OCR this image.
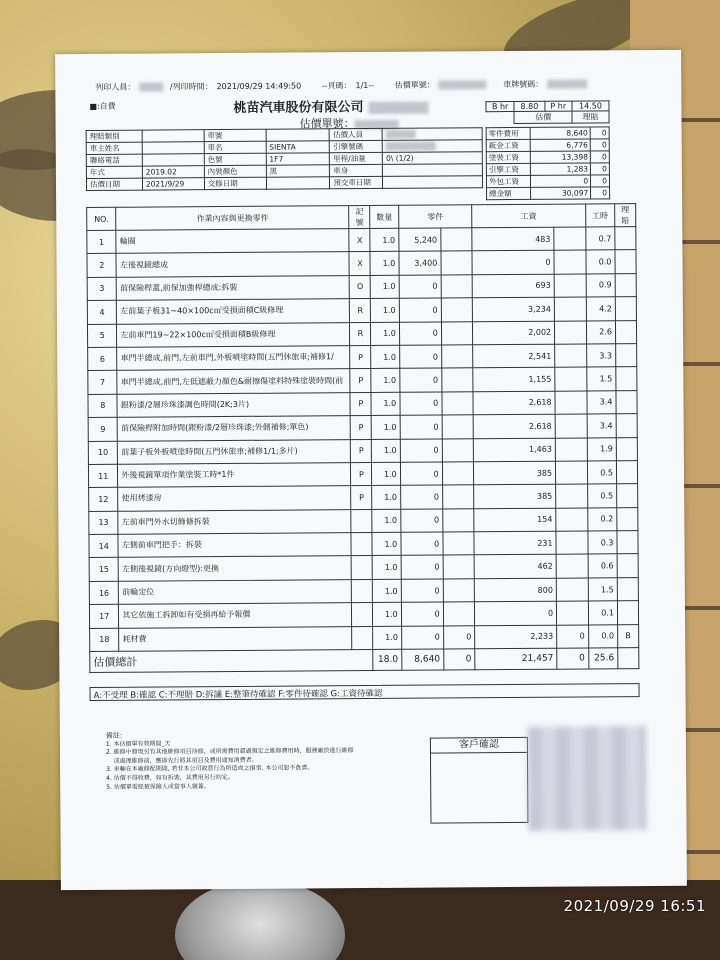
列印人員：	/列印時間： 2021/09/29 14:49:50	--頁碼： 1/1--	估價單號：	車牌號碼：
■:自費	桃苗汽車股份有限公司
估價單號：
B hr	8.80	P hr	14.50
	估價		理賠
零件費用	8,640	0
鈑金工資	6,776	0
塗裝工資	13,398	0
引擎工資	1,283	0
外包工資	0	0
總金額	30,097	0
理賠類別		車號		估價人員	
車主姓名		車名	SIENTA	引擎號碼	
聯絡電話		色號	1F7	里程/油量	0\ (1/2)
年式	2019.02	內裝顏色	黑	車身	
估價日期	2021/9/29	交修日期		預交車日期	
NO.	作業內容與更換零件	記號	數量	零件		工資		工時	理賠
1	輪圈	X	1.0	5,240		483		0.7	
2	左後視鏡總成	X	1.0	3,400		0		0.0	
3	前保險桿蓋,前保加強桿總成:拆裝	O	1.0	0		693		0.9	
4	左前葉子板31~40×100c㎡受損面積C級修理	R	1.0	0		3,234		4.2	
5	左前車門19~22×100c㎡受損面積B級修理	R	1.0	0		2,002		2.6	
6	車門半總成,前門,左前車門,外板噴塗時間(五門休旅車;補修1/	P	1.0	0		2,541		3.3	
7	車門半總成,前門,左低遮蔽力顏色&耐擦傷塗料特殊塗裝時間(前	P	1.0	0		1,155		1.5	
8	銀粉漆/2層珍珠漆調色時間(2K;3片)	P	1.0	0		2,618		3.4	
9	前保險桿附加時間(銀粉漆/2層珍珠漆;外側補修;單色)	P	1.0	0		2,618		3.4	
10	前葉子板外板噴塗時間(五門休旅車;補修1/1;多片)	P	1.0	0		1,463		1.9	
11	外後視鏡單項作業塗裝工時*1件	P	1.0	0		385		0.5	
12	使用烤漆房	P	1.0	0		385		0.5	
13	左前車門外水切飾條拆裝		1.0	0		154		0.2	
14	左側前車門把手：拆裝		1.0	0		231		0.3	
15	左側後視鏡(方向燈型):更換		1.0	0		462		0.6	
16	前輪定位		1.0	0		800		1.5	
17	其它依施工拆卸如有受損再給予報價		1.0	0		0		0.1	
18	耗材費		1.0	0	0	2,233	0	0.0	B
估價總計			18.0	8,640	0	21,457	0	25.6	
A:不受理 B:確認 C:不理賠 D:拆議 E:整筆待確認 F:零件待確認 G:工資待確認
備註:
1. 本估價單有效期間_天
2. 維修中發現另有其他維修項目待修，或所需費用超過預定之維修費用時，服務廠於進行維修
或處理維修前，應即先行將其項目及費用通知消費者。
3. 車輛在本廠修配期間, 若非本公司故意行為所造成之損事, 本公司恕不負責。
4. 估價不得收費，如有拆裝，其費用另行約定。
5. 估價單需經被保險人或當事人親簽。
客戶確認
2021/09/29 16:51
